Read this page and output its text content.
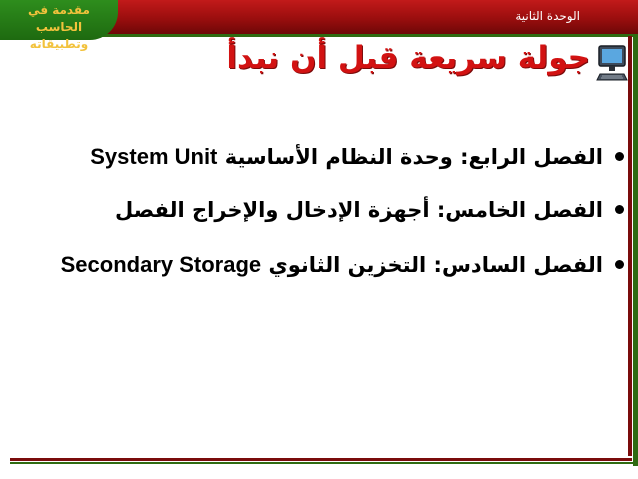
مقدمة في الحاسب
وتطبيقاته
الوحدة الثانية
جولة سريعة قبل أن نبدأ
الفصل الرابع: وحدة النظام الأساسية System Unit
الفصل الخامس: أجهزة الإدخال والإخراج الفصل
الفصل السادس: التخزين الثانوي Secondary Storage
